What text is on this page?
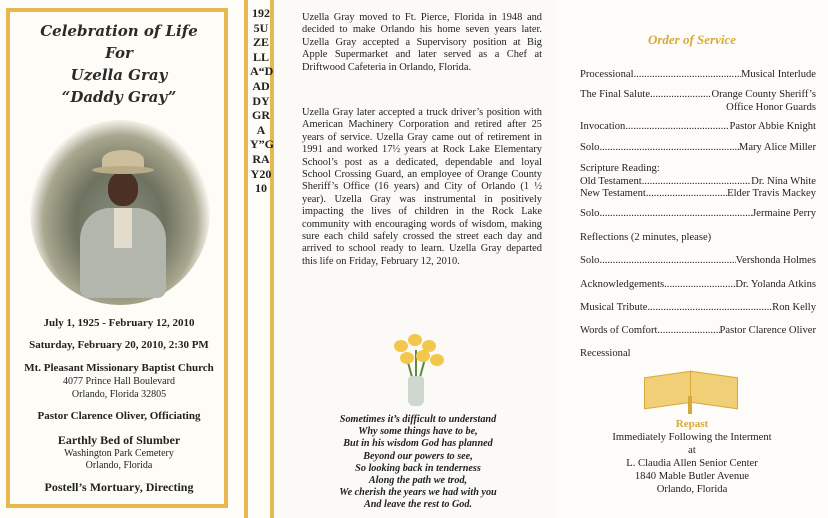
Celebration of Life
For
Uzella Gray
“Daddy Gray”
July 1, 1925 - February 12, 2010
Saturday, February 20, 2010, 2:30 PM
Mt. Pleasant Missionary Baptist Church
4077 Prince Hall Boulevard
Orlando, Florida 32805
Pastor Clarence Oliver, Officiating
Earthly Bed of Slumber
Washington Park Cemetery
Orlando, Florida
Postell’s Mortuary, Directing
1925UZELLA“DADDYGRAY”GRAY2010
Uzella Gray moved to Ft. Pierce, Florida in 1948 and decided to make Orlando his home seven years later. Uzella Gray accepted a Supervisory position at Big Apple Supermarket and later served as a Chef at Driftwood Cafeteria in Orlando, Florida.
Uzella Gray later accepted a truck driver’s position with American Machinery Corporation and retired after 25 years of service. Uzella Gray came out of retirement in 1991 and worked 17½ years at Rock Lake Elementary School’s post as a dedicated, dependable and loyal School Crossing Guard, an employee of Orange County Sheriff’s Office (16 years) and City of Orlando (1 ½ year). Uzella Gray was instrumental in positively impacting the lives of children in the Rock Lake community with encouraging words of wisdom, making sure each child safely crossed the street each day and arrived to school ready to learn. Uzella Gray departed this life on Friday, February 12, 2010.
Sometimes it’s difficult to understand
Why some things have to be,
But in his wisdom God has planned
Beyond our powers to see,
So looking back in tenderness
Along the path we trod,
We cherish the years we had with you
And leave the rest to God.
Order of Service
Processional .....	Musical Interlude
The Final Salute .....	Orange County Sheriff’s
Office Honor Guards
Invocation .....	Pastor Abbie Knight
Solo .....	Mary Alice Miller
Scripture Reading:
Old Testament .....	Dr. Nina White
New Testament .....	Elder Travis Mackey
Solo .....	Jermaine Perry
Reflections (2 minutes, please)
Solo .....	Vershonda Holmes
Acknowledgements .....	Dr. Yolanda Atkins
Musical Tribute .....	Ron Kelly
Words of Comfort .....	Pastor Clarence Oliver
Recessional
Repast
Immediately Following the Interment
at
L. Claudia Allen Senior Center
1840 Mable Butler Avenue
Orlando, Florida
